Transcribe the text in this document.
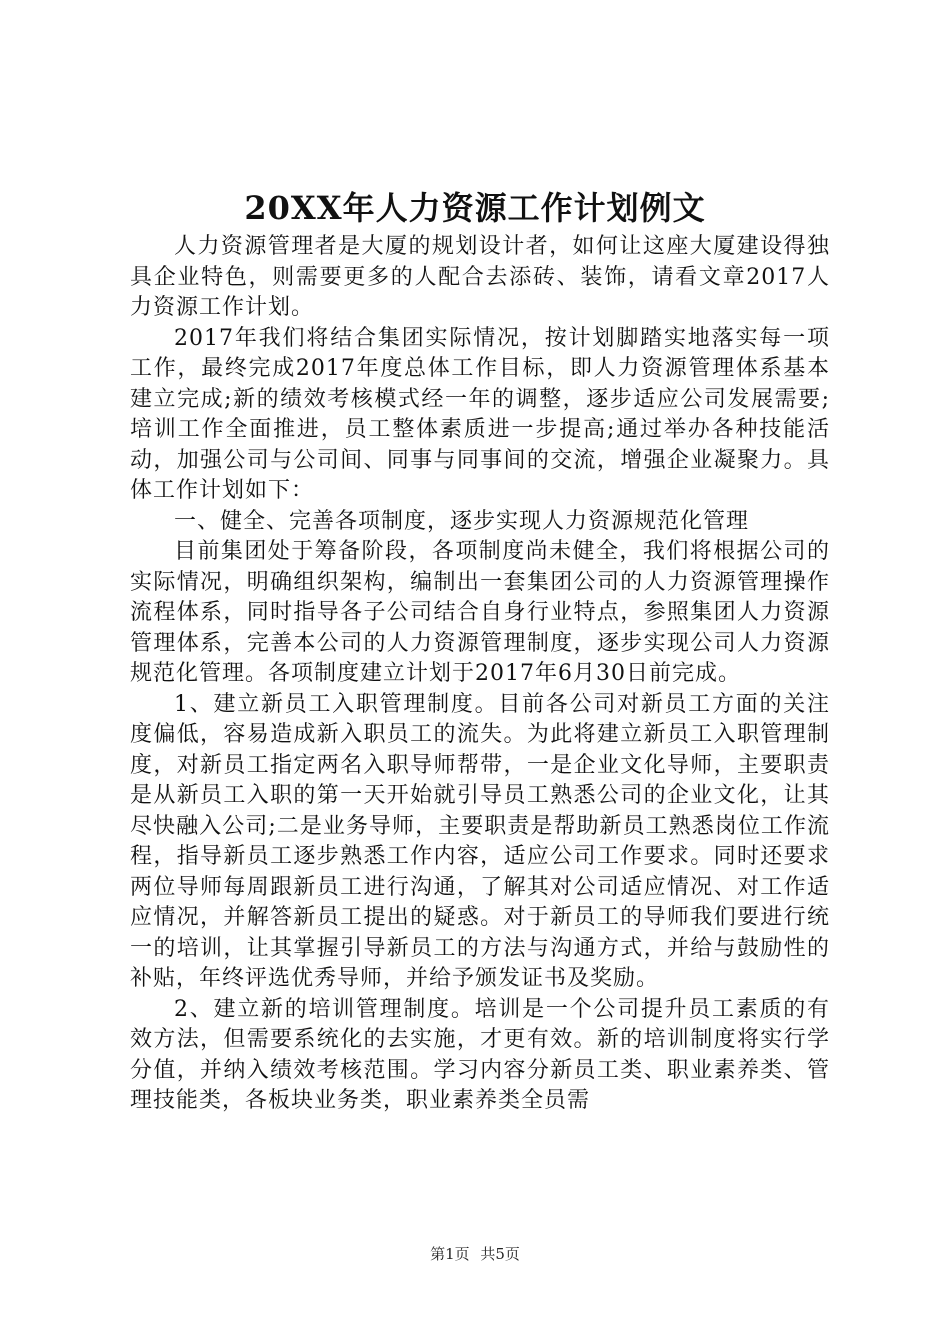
20XX年人力资源工作计划例文

人力资源管理者是大厦的规划设计者，如何让这座大厦建设得独具企业特色，则需要更多的人配合去添砖、装饰，请看文章2017人力资源工作计划。

2017年我们将结合集团实际情况，按计划脚踏实地落实每一项工作，最终完成2017年度总体工作目标，即人力资源管理体系基本建立完成;新的绩效考核模式经一年的调整，逐步适应公司发展需要;培训工作全面推进，员工整体素质进一步提高;通过举办各种技能活动，加强公司与公司间、同事与同事间的交流，增强企业凝聚力。具体工作计划如下：

一、健全、完善各项制度，逐步实现人力资源规范化管理

目前集团处于筹备阶段，各项制度尚未健全，我们将根据公司的实际情况，明确组织架构，编制出一套集团公司的人力资源管理操作流程体系，同时指导各子公司结合自身行业特点，参照集团人力资源管理体系，完善本公司的人力资源管理制度，逐步实现公司人力资源规范化管理。各项制度建立计划于2017年6月30日前完成。

1、建立新员工入职管理制度。目前各公司对新员工方面的关注度偏低，容易造成新入职员工的流失。为此将建立新员工入职管理制度，对新员工指定两名入职导师帮带，一是企业文化导师，主要职责是从新员工入职的第一天开始就引导员工熟悉公司的企业文化，让其尽快融入公司;二是业务导师，主要职责是帮助新员工熟悉岗位工作流程，指导新员工逐步熟悉工作内容，适应公司工作要求。同时还要求两位导师每周跟新员工进行沟通，了解其对公司适应情况、对工作适应情况，并解答新员工提出的疑惑。对于新员工的导师我们要进行统一的培训，让其掌握引导新员工的方法与沟通方式，并给与鼓励性的补贴，年终评选优秀导师，并给予颁发证书及奖励。

2、建立新的培训管理制度。培训是一个公司提升员工素质的有效方法，但需要系统化的去实施，才更有效。新的培训制度将实行学分值，并纳入绩效考核范围。学习内容分新员工类、职业素养类、管理技能类，各板块业务类，职业素养类全员需

第1页 共5页
